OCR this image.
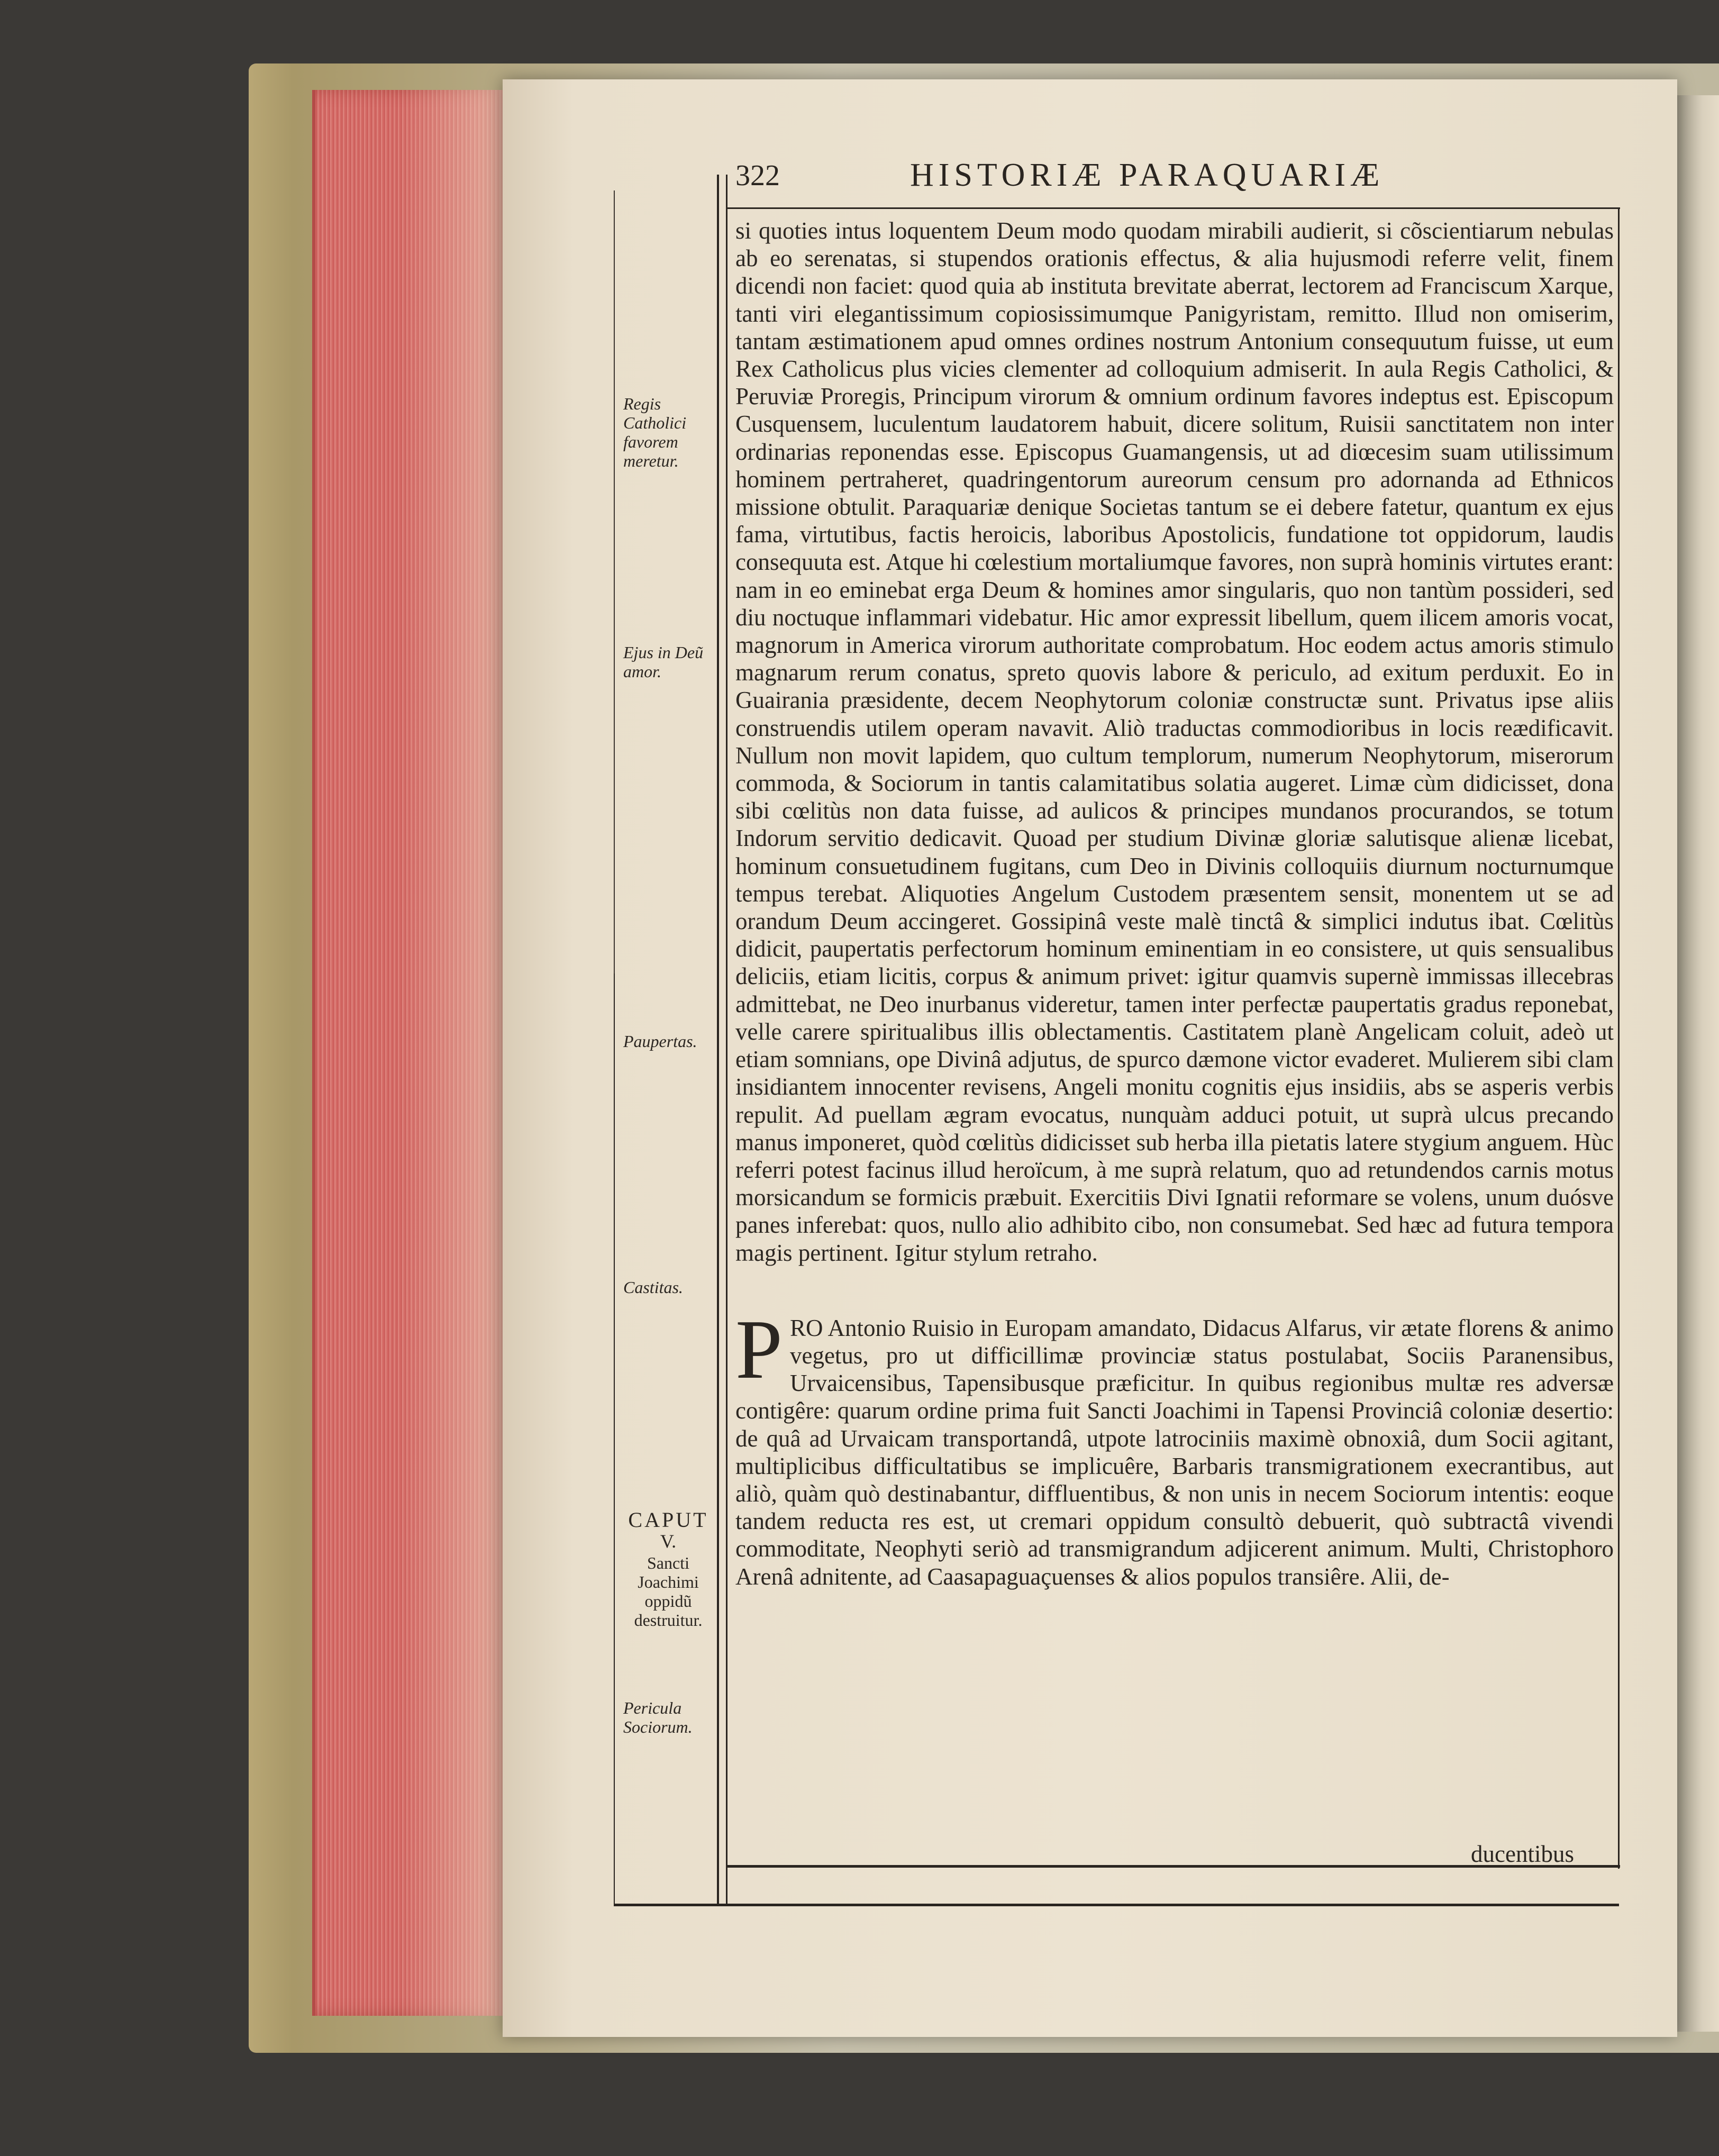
322	HISTORIÆ PARAQUARIÆ
Regis Catholici favorem meretur.
Ejus in Deũ amor.
Paupertas.
Castitas.
CAPUT
V.
Sancti Joachimi oppidũ destruitur.
Pericula Sociorum.

si quoties intus loquentem Deum modo quodam mirabili audierit, si cõscientiarum nebulas ab eo serenatas, si stupendos orationis effectus, & alia hujusmodi referre velit, finem dicendi non faciet: quod quia ab instituta brevitate aberrat, lectorem ad Franciscum Xarque, tanti viri elegantissimum copiosissimumque Panigyristam, remitto. Illud non omiserim, tantam æstimationem apud omnes ordines nostrum Antonium consequutum fuisse, ut eum Rex Catholicus plus vicies clementer ad colloquium admiserit. In aula Regis Catholici, & Peruviæ Proregis, Principum virorum & omnium ordinum favores indeptus est. Episcopum Cusquensem, luculentum laudatorem habuit, dicere solitum, Ruisii sanctitatem non inter ordinarias reponendas esse. Episcopus Guamangensis, ut ad diœcesim suam utilissimum hominem pertraheret, quadringentorum aureorum censum pro adornanda ad Ethnicos missione obtulit. Paraquariæ denique Societas tantum se ei debere fatetur, quantum ex ejus fama, virtutibus, factis heroicis, laboribus Apostolicis, fundatione tot oppidorum, laudis consequuta est. Atque hi cœlestium mortaliumque favores, non suprà hominis virtutes erant: nam in eo eminebat erga Deum & homines amor singularis, quo non tantùm possideri, sed diu noctuque inflammari videbatur. Hic amor expressit libellum, quem ilicem amoris vocat, magnorum in America virorum authoritate comprobatum. Hoc eodem actus amoris stimulo magnarum rerum conatus, spreto quovis labore & periculo, ad exitum perduxit. Eo in Guairania præsidente, decem Neophytorum coloniæ constructæ sunt. Privatus ipse aliis construendis utilem operam navavit. Aliò traductas commodioribus in locis reædificavit. Nullum non movit lapidem, quo cultum templorum, numerum Neophytorum, miserorum commoda, & Sociorum in tantis calamitatibus solatia augeret. Limæ cùm didicisset, dona sibi cœlitùs non data fuisse, ad aulicos & principes mundanos procurandos, se totum Indorum servitio dedicavit. Quoad per studium Divinæ gloriæ salutisque alienæ licebat, hominum consuetudinem fugitans, cum Deo in Divinis colloquiis diurnum nocturnumque tempus terebat. Aliquoties Angelum Custodem præsentem sensit, monentem ut se ad orandum Deum accingeret. Gossipinâ veste malè tinctâ & simplici indutus ibat. Cœlitùs didicit, paupertatis perfectorum hominum eminentiam in eo consistere, ut quis sensualibus deliciis, etiam licitis, corpus & animum privet: igitur quamvis supernè immissas illecebras admittebat, ne Deo inurbanus videretur, tamen inter perfectæ paupertatis gradus reponebat, velle carere spiritualibus illis oblectamentis. Castitatem planè Angelicam coluit, adeò ut etiam somnians, ope Divinâ adjutus, de spurco dæmone victor evaderet. Mulierem sibi clam insidiantem innocenter revisens, Angeli monitu cognitis ejus insidiis, abs se asperis verbis repulit. Ad puellam ægram evocatus, nunquàm adduci potuit, ut suprà ulcus precando manus imponeret, quòd cœlitùs didicisset sub herba illa pietatis latere stygium anguem. Hùc referri potest facinus illud heroïcum, à me suprà relatum, quo ad retundendos carnis motus morsicandum se formicis præbuit. Exercitiis Divi Ignatii reformare se volens, unum duósve panes inferebat: quos, nullo alio adhibito cibo, non consumebat. Sed hæc ad futura tempora magis pertinent. Igitur stylum retraho.

PRO Antonio Ruisio in Europam amandato, Didacus Alfarus, vir ætate florens & animo vegetus, pro ut difficillimæ provinciæ status postulabat, Sociis Paranensibus, Urvaicensibus, Tapensibusque præficitur. In quibus regionibus multæ res adversæ contigêre: quarum ordine prima fuit Sancti Joachimi in Tapensi Provinciâ coloniæ desertio: de quâ ad Urvaicam transportandâ, utpote latrociniis maximè obnoxiâ, dum Socii agitant, multiplicibus difficultatibus se implicuêre, Barbaris transmigrationem execrantibus, aut aliò, quàm quò destinabantur, diffluentibus, & non unis in necem Sociorum intentis: eoque tandem reducta res est, ut cremari oppidum consultò debuerit, quò subtractâ vivendi commoditate, Neophyti seriò ad transmigrandum adjicerent animum. Multi, Christophoro Arenâ adnitente, ad Caasapaguaçuenses & alios populos transiêre. Alii, de-

ducentibus
